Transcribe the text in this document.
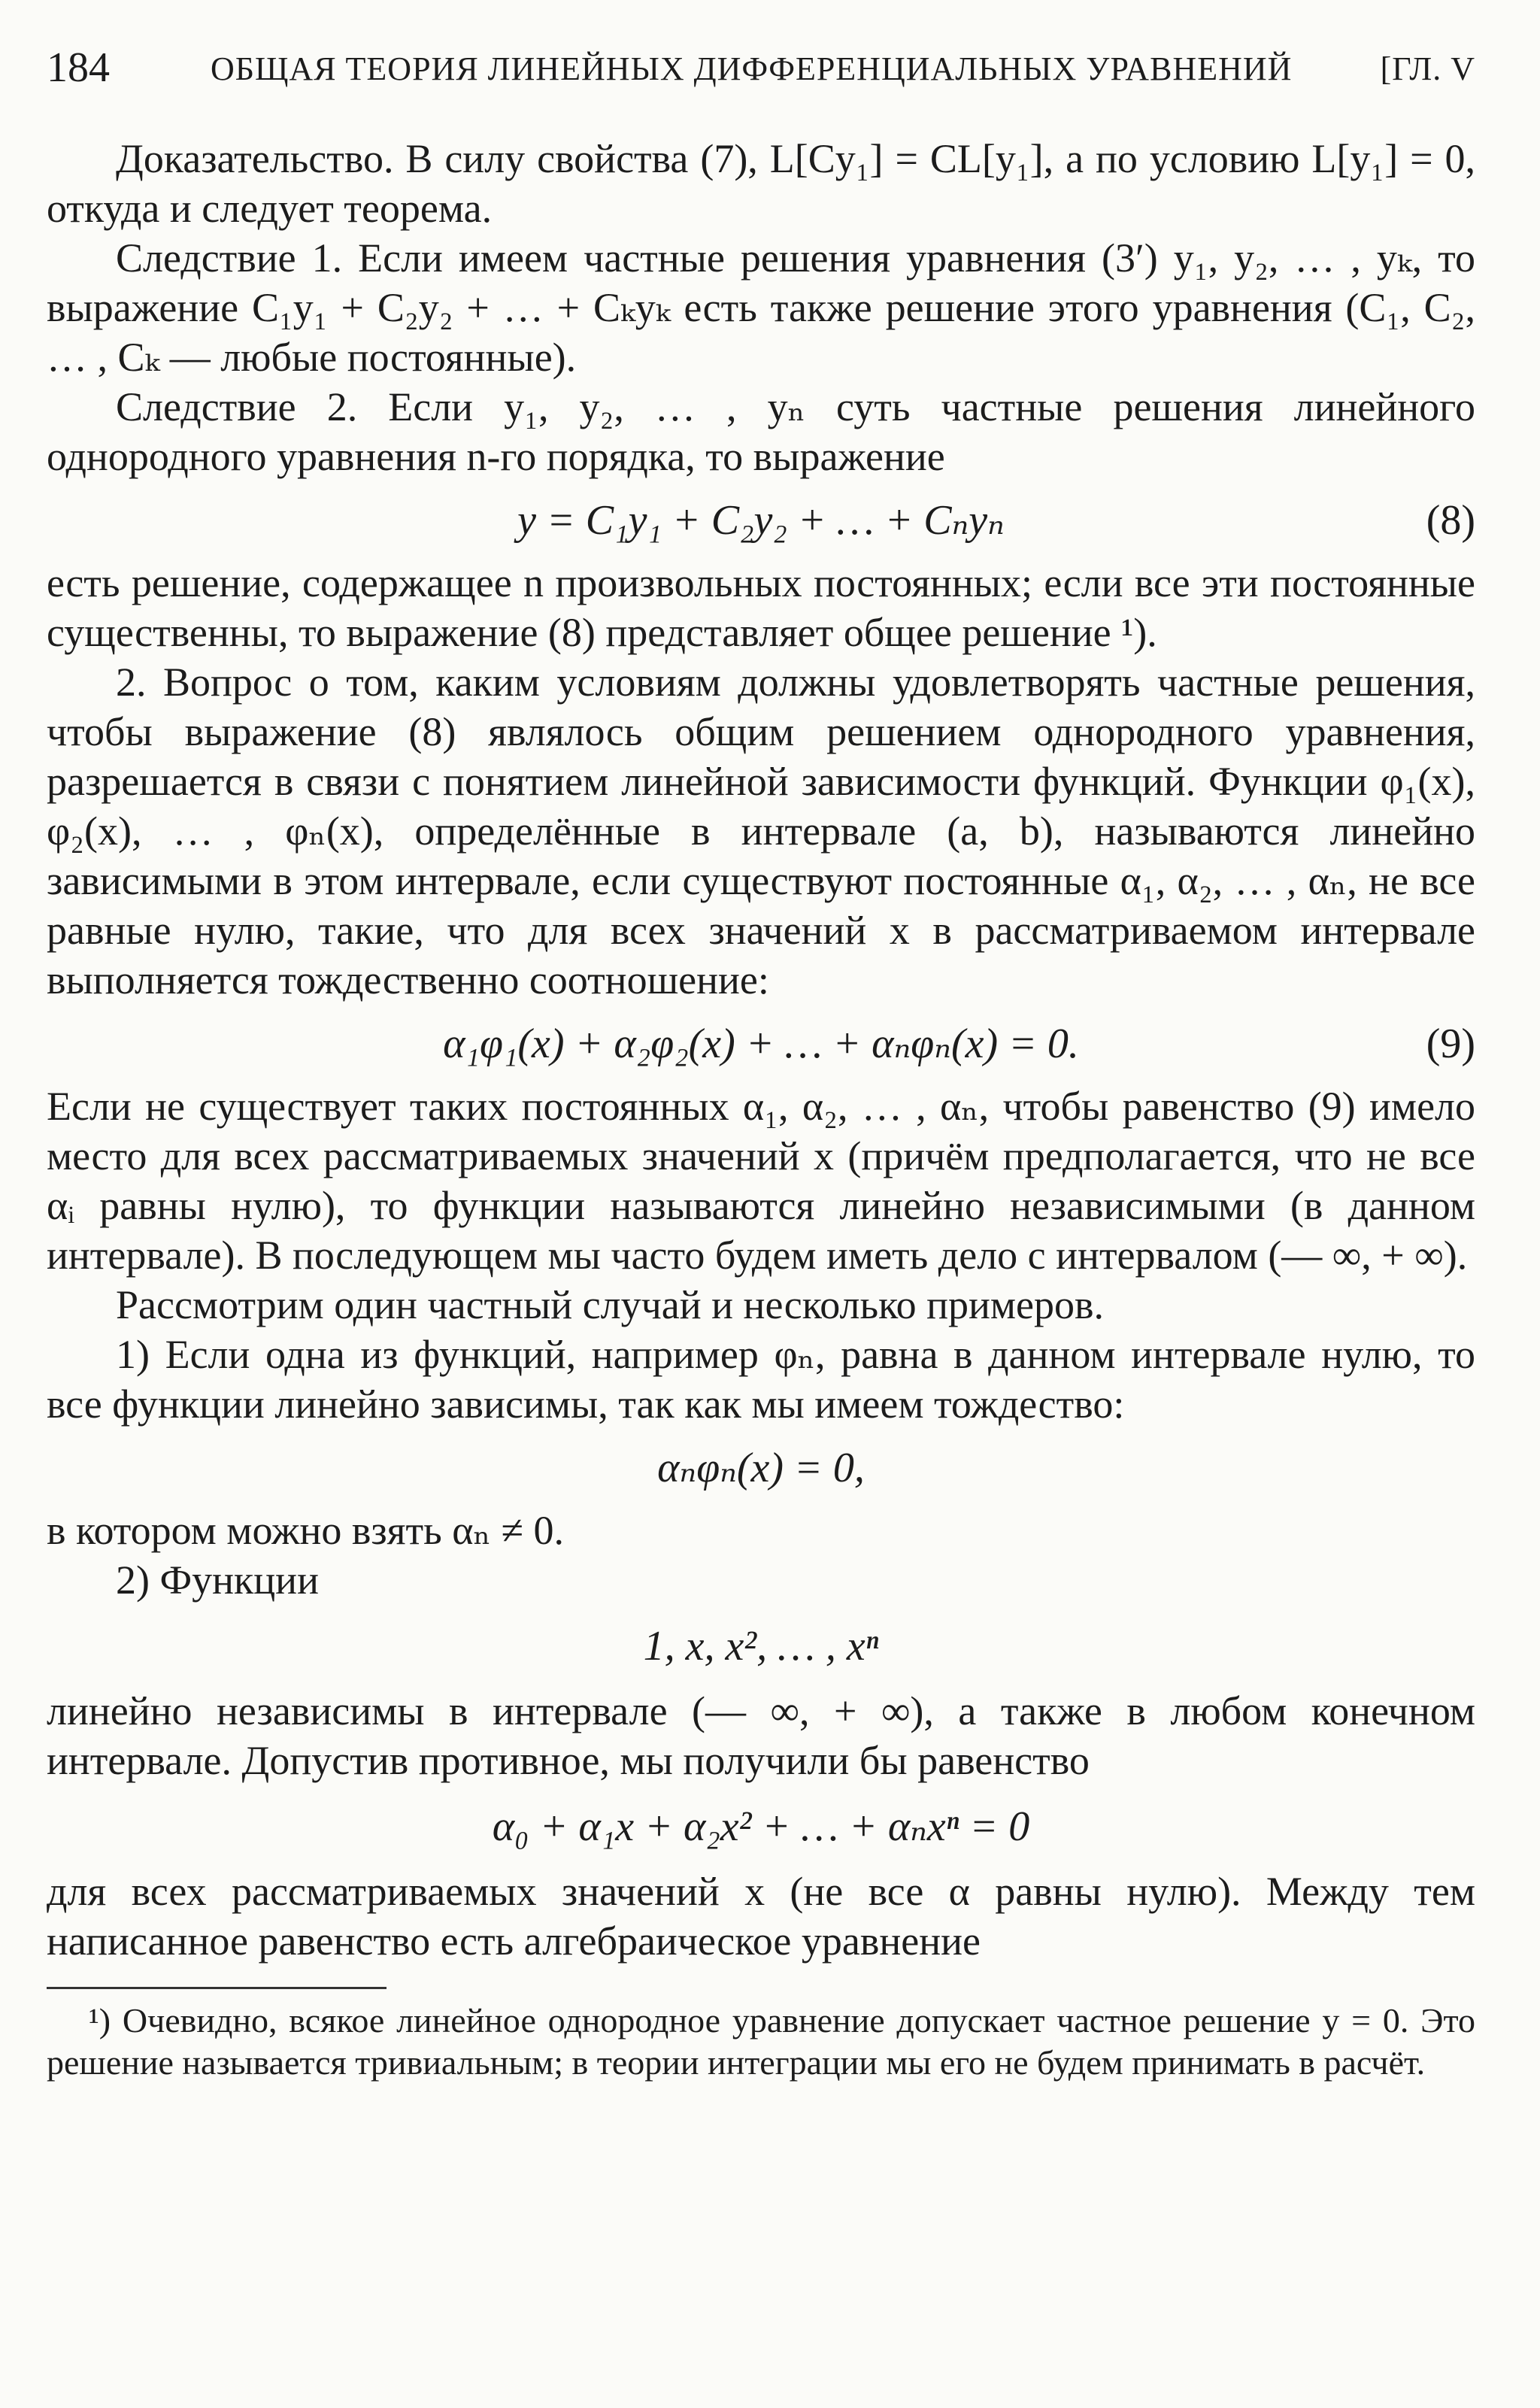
184	ОБЩАЯ ТЕОРИЯ ЛИНЕЙНЫХ ДИФФЕРЕНЦИАЛЬНЫХ УРАВНЕНИЙ	[ГЛ. V

Доказательство. В силу свойства (7), L[Cy₁] = CL[y₁], а по условию L[y₁] = 0, откуда и следует теорема.

Следствие 1. Если имеем частные решения уравнения (3′) y₁, y₂, … , yₖ, то выражение C₁y₁ + C₂y₂ + … + Cₖyₖ есть также решение этого уравнения (C₁, C₂, … , Cₖ — любые постоянные).

Следствие 2. Если y₁, y₂, … , yₙ суть частные решения линейного однородного уравнения n-го порядка, то выражение

y = C₁y₁ + C₂y₂ + … + Cₙyₙ	(8)

есть решение, содержащее n произвольных постоянных; если все эти постоянные существенны, то выражение (8) представляет общее решение ¹).

2. Вопрос о том, каким условиям должны удовлетворять частные решения, чтобы выражение (8) являлось общим решением однородного уравнения, разрешается в связи с понятием линейной зависимости функций. Функции φ₁(x), φ₂(x), … , φₙ(x), определённые в интервале (a, b), называются линейно зависимыми в этом интервале, если существуют постоянные α₁, α₂, … , αₙ, не все равные нулю, такие, что для всех значений x в рассматриваемом интервале выполняется тождественно соотношение:

α₁φ₁(x) + α₂φ₂(x) + … + αₙφₙ(x) = 0.	(9)

Если не существует таких постоянных α₁, α₂, … , αₙ, чтобы равенство (9) имело место для всех рассматриваемых значений x (причём предполагается, что не все αᵢ равны нулю), то функции называются линейно независимыми (в данном интервале). В последующем мы часто будем иметь дело с интервалом (— ∞, + ∞).

Рассмотрим один частный случай и несколько примеров.

1) Если одна из функций, например φₙ, равна в данном интервале нулю, то все функции линейно зависимы, так как мы имеем тождество:

αₙφₙ(x) = 0,

в котором можно взять αₙ ≠ 0.

2) Функции

1, x, x², … , xⁿ

линейно независимы в интервале (— ∞, + ∞), а также в любом конечном интервале. Допустив противное, мы получили бы равенство

α₀ + α₁x + α₂x² + … + αₙxⁿ = 0

для всех рассматриваемых значений x (не все α равны нулю). Между тем написанное равенство есть алгебраическое уравнение

¹) Очевидно, всякое линейное однородное уравнение допускает частное решение y = 0. Это решение называется тривиальным; в теории интеграции мы его не будем принимать в расчёт.
